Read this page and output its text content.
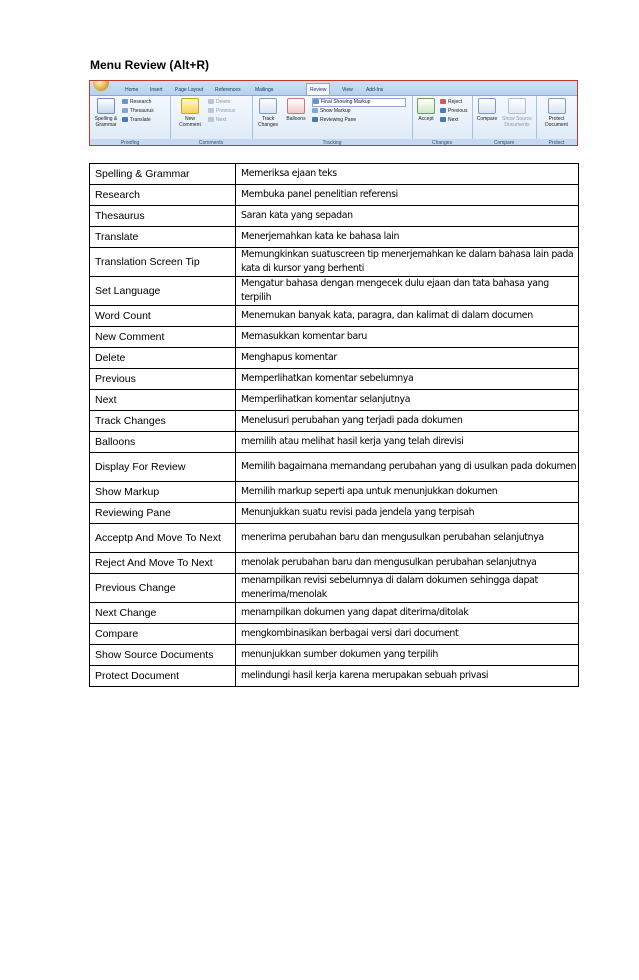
Menu Review (Alt+R)
Home Insert Page Layout References	Mailings	Review	View	Add-Ins
Spelling &
Grammar
Research
Thesaurus
Translate
Proofing
New
Comment
Delete
Previous
Next
Comments
Track
Changes
Balloons
Final Showing Markup
Show Markup
Reviewing Pane
Tracking
Accept
Reject
Previous
Next
Changes
Compare Show Source
Documents
Compare
Protect
Document
Protect
Spelling & Grammar	Memeriksa ejaan teks
Research	Membuka panel penelitian referensi
Thesaurus	Saran kata yang sepadan
Translate	Menerjemahkan kata ke bahasa lain
Translation Screen Tip	Memungkinkan suatuscreen tip menerjemahkan ke dalam bahasa lain pada kata di kursor yang berhenti
Set Language	Mengatur bahasa dengan mengecek dulu ejaan dan tata bahasa yang terpilih
Word Count	Menemukan banyak kata, paragra, dan kalimat di dalam documen
New Comment	Memasukkan komentar baru
Delete	Menghapus komentar
Previous	Memperlihatkan komentar sebelumnya
Next	Memperlihatkan komentar selanjutnya
Track Changes	Menelusuri perubahan yang terjadi pada dokumen
Balloons	memilih atau melihat hasil kerja yang telah direvisi
Display For Review	Memilih bagaimana memandang perubahan yang di usulkan pada dokumen
Show Markup	Memilih markup seperti apa untuk menunjukkan dokumen
Reviewing Pane	Menunjukkan suatu revisi pada jendela yang terpisah
Acceptp And Move To Next	menerima perubahan baru dan mengusulkan perubahan selanjutnya
Reject And Move To Next	menolak perubahan baru dan mengusulkan perubahan selanjutnya
Previous Change	menampilkan revisi sebelumnya di dalam dokumen sehingga dapat menerima/menolak
Next Change	menampilkan dokumen yang dapat diterima/ditolak
Compare	mengkombinasikan berbagai versi dari document
Show Source Documents	menunjukkan sumber dokumen yang terpilih
Protect Document	melindungi hasil kerja karena merupakan sebuah privasi
